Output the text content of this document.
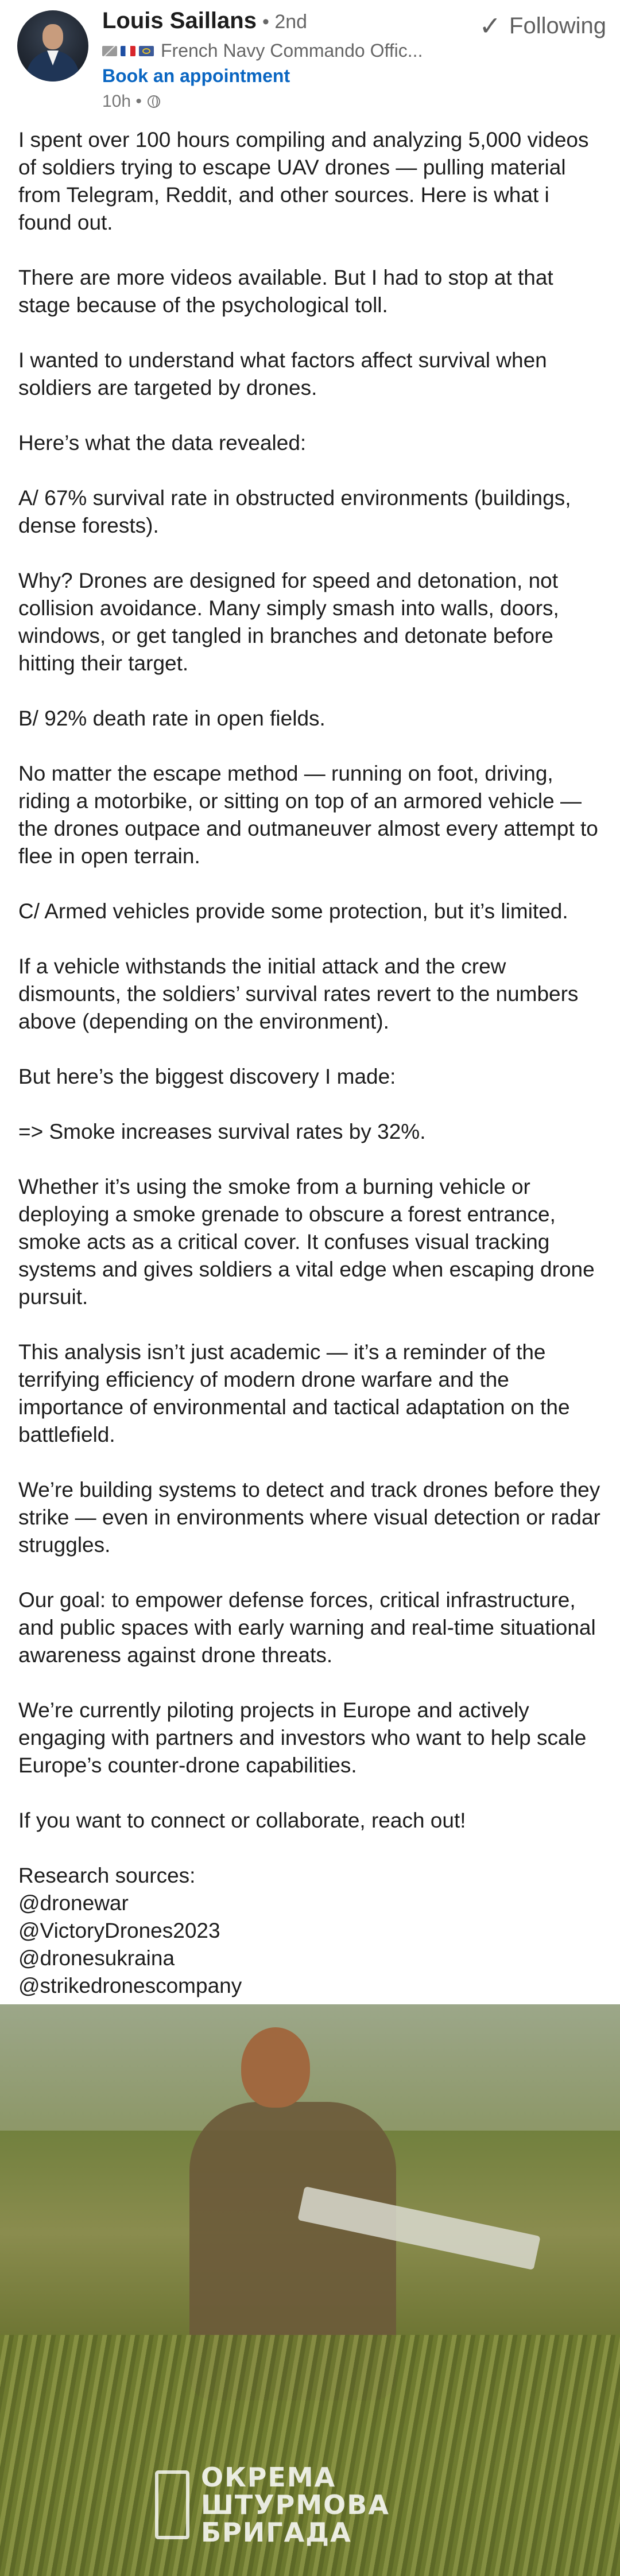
Louis Saillans • 2nd	✓ Following
French Navy Commando Offic...
Book an appointment
10h •

I spent over 100 hours compiling and analyzing 5,000 videos of soldiers trying to escape UAV drones — pulling material from Telegram, Reddit, and other sources. Here is what i found out.

There are more videos available. But I had to stop at that stage because of the psychological toll.

I wanted to understand what factors affect survival when soldiers are targeted by drones.

Here’s what the data revealed:

A/ 67% survival rate in obstructed environments (buildings, dense forests).

Why? Drones are designed for speed and detonation, not collision avoidance. Many simply smash into walls, doors, windows, or get tangled in branches and detonate before hitting their target.

B/ 92% death rate in open fields.

No matter the escape method — running on foot, driving, riding a motorbike, or sitting on top of an armored vehicle — the drones outpace and outmaneuver almost every attempt to flee in open terrain.

C/ Armed vehicles provide some protection, but it’s limited.

If a vehicle withstands the initial attack and the crew dismounts, the soldiers’ survival rates revert to the numbers above (depending on the environment).

But here’s the biggest discovery I made:

=> Smoke increases survival rates by 32%.

Whether it’s using the smoke from a burning vehicle or deploying a smoke grenade to obscure a forest entrance, smoke acts as a critical cover. It confuses visual tracking systems and gives soldiers a vital edge when escaping drone pursuit.

This analysis isn’t just academic — it’s a reminder of the terrifying efficiency of modern drone warfare and the importance of environmental and tactical adaptation on the battlefield.

We’re building systems to detect and track drones before they strike — even in environments where visual detection or radar struggles.

Our goal: to empower defense forces, critical infrastructure, and public spaces with early warning and real-time situational awareness against drone threats.

We’re currently piloting projects in Europe and actively engaging with partners and investors who want to help scale Europe’s counter-drone capabilities.

If you want to connect or collaborate, reach out!

Research sources:

@dronewar

@VictoryDrones2023

@dronesukraina

@strikedronescompany

ОКРЕМА
ШТУРМОВА
БРИГАДА
